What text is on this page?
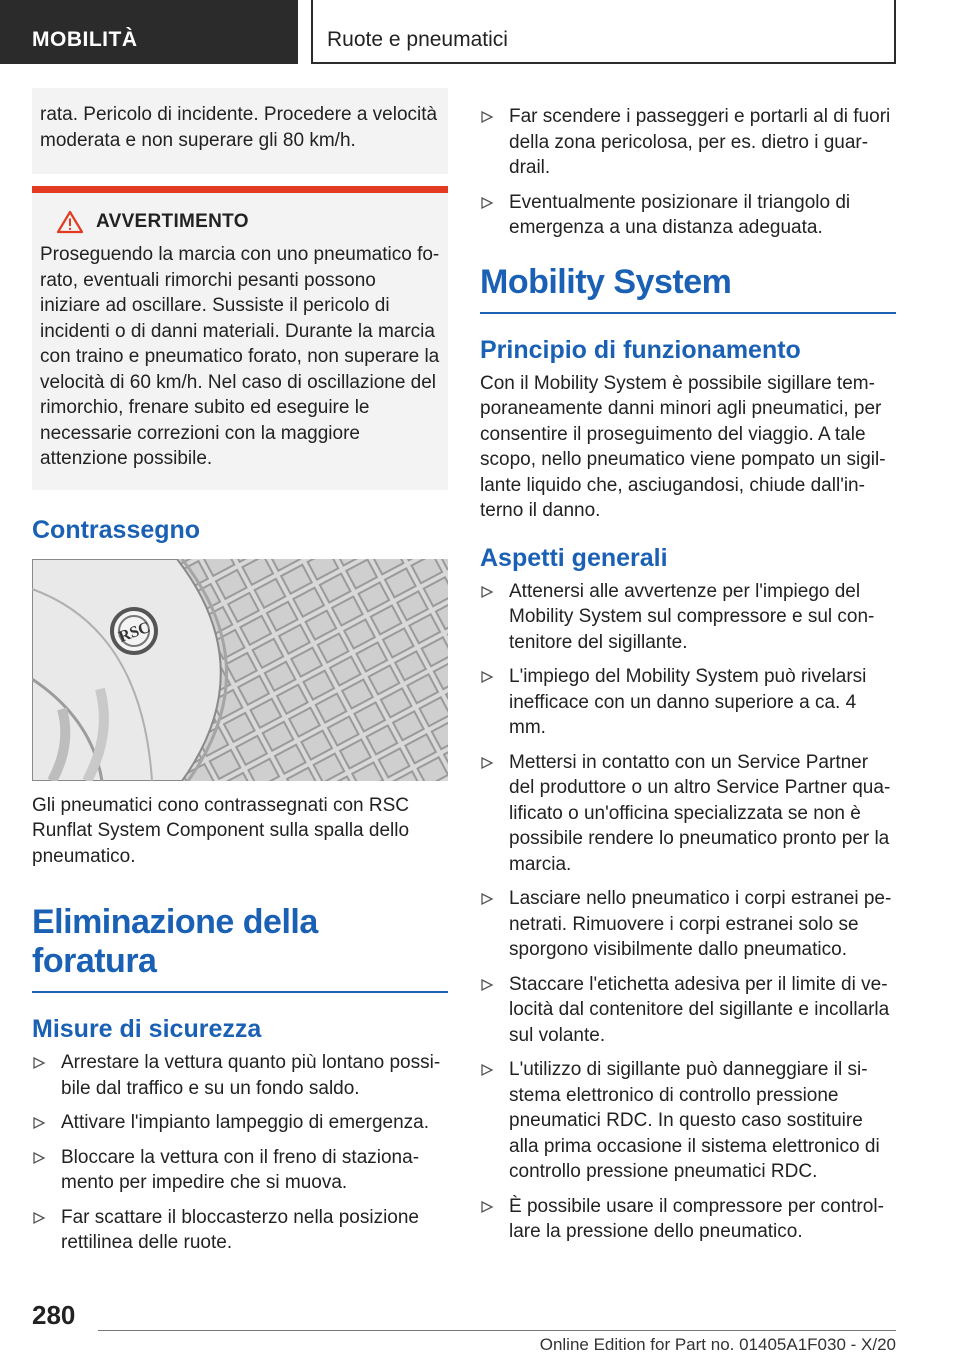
MOBILITÀ	Ruote e pneumatici

rata. Pericolo di incidente. Procedere a velocità moderata e non superare gli 80 km/h.

AVVERTIMENTO

Proseguendo la marcia con uno pneumatico forato, eventuali rimorchi pesanti possono iniziare ad oscillare. Sussiste il pericolo di incidenti o di danni materiali. Durante la marcia con traino e pneumatico forato, non superare la velocità di 60 km/h. Nel caso di oscillazione del rimorchio, frenare subito ed eseguire le necessarie correzioni con la maggiore attenzione possibile.

Contrassegno
RSC

Gli pneumatici cono contrassegnati con RSC Runflat System Component sulla spalla dello pneumatico.

Eliminazione della foratura
Misure di sicurezza
Arrestare la vettura quanto più lontano possibile dal traffico e su un fondo saldo.
Attivare l'impianto lampeggio di emergenza.
Bloccare la vettura con il freno di stazionamento per impedire che si muova.
Far scattare il bloccasterzo nella posizione rettilinea delle ruote.
Far scendere i passeggeri e portarli al di fuori della zona pericolosa, per es. dietro i guardrail.
Eventualmente posizionare il triangolo di emergenza a una distanza adeguata.
Mobility System
Principio di funzionamento

Con il Mobility System è possibile sigillare temporaneamente danni minori agli pneumatici, per consentire il proseguimento del viaggio. A tale scopo, nello pneumatico viene pompato un sigillante liquido che, asciugandosi, chiude dall'interno il danno.

Aspetti generali
Attenersi alle avvertenze per l'impiego del Mobility System sul compressore e sul contenitore del sigillante.
L'impiego del Mobility System può rivelarsi inefficace con un danno superiore a ca. 4 mm.
Mettersi in contatto con un Service Partner del produttore o un altro Service Partner qualificato o un'officina specializzata se non è possibile rendere lo pneumatico pronto per la marcia.
Lasciare nello pneumatico i corpi estranei penetrati. Rimuovere i corpi estranei solo se sporgono visibilmente dallo pneumatico.
Staccare l'etichetta adesiva per il limite di velocità dal contenitore del sigillante e incollarla sul volante.
L'utilizzo di sigillante può danneggiare il sistema elettronico di controllo pressione pneumatici RDC. In questo caso sostituire alla prima occasione il sistema elettronico di controllo pressione pneumatici RDC.
È possibile usare il compressore per controllare la pressione dello pneumatico.
280
Online Edition for Part no. 01405A1F030 - X/20
